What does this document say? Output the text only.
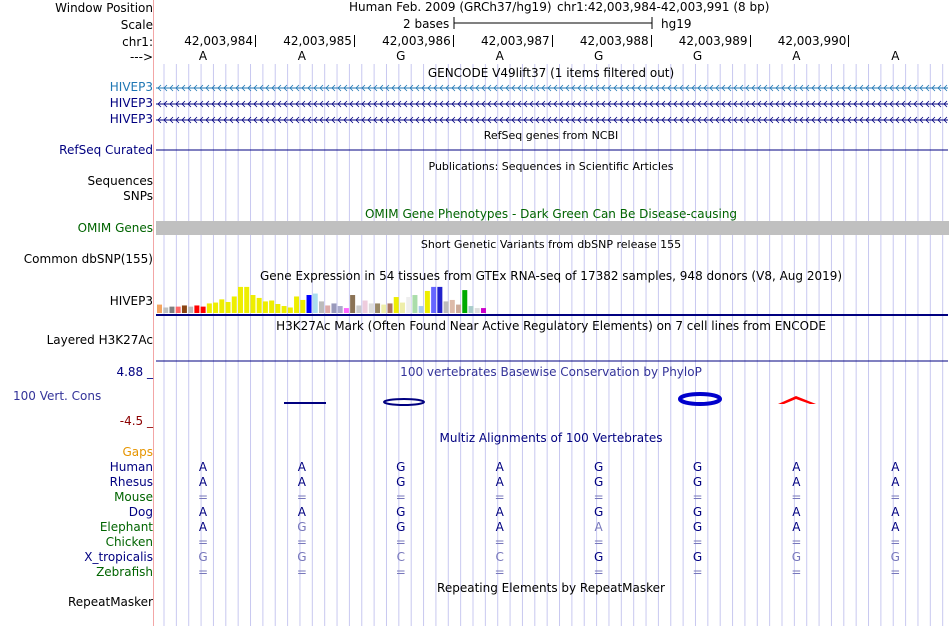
Window Position
Scale
chr1:
--->
Human Feb. 2009 (GRCh37/hg19) chr1:42,003,984-42,003,991 (8 bp)
2 bases	hg19
42,003,984	42,003,985	42,003,986	42,003,987	42,003,988	42,003,989	42,003,990
A	A	G	A	G	G	A	A
GENCODE V49lift37 (1 items filtered out)
HIVEP3
HIVEP3
HIVEP3
RefSeq genes from NCBI
RefSeq Curated
Publications: Sequences in Scientific Articles
Sequences
SNPs
OMIM Gene Phenotypes - Dark Green Can Be Disease-causing
OMIM Genes
Short Genetic Variants from dbSNP release 155
Common dbSNP(155)
Gene Expression in 54 tissues from GTEx RNA-seq of 17382 samples, 948 donors (V8, Aug 2019)
HIVEP3
H3K27Ac Mark (Often Found Near Active Regulatory Elements) on 7 cell lines from ENCODE
Layered H3K27Ac
100 vertebrates Basewise Conservation by PhyloP
4.88 _
100 Vert. Cons
-4.5 _
Multiz Alignments of 100 Vertebrates
Gaps
Human	A	A	G	A	G	G	A	A
Rhesus	A	A	G	A	G	G	A	A
Mouse	=	=	=	=	=	=	=	=
Dog	A	A	G	A	G	G	A	A
Elephant	A	G	G	A	A	G	A	A
Chicken	=	=	=	=	=	=	=	=
X_tropicalis	G	G	C	C	G	G	G	G
Zebrafish	=	=	=	=	=	=	=	=
Repeating Elements by RepeatMasker
RepeatMasker
